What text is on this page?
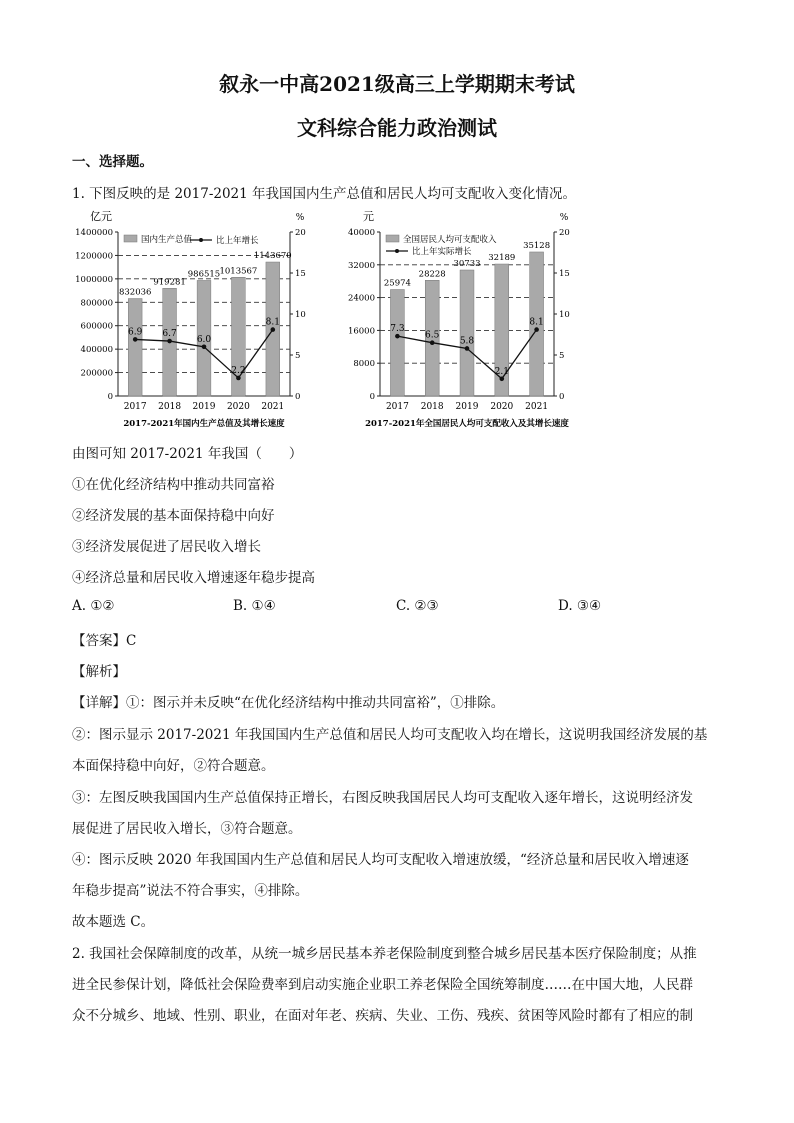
叙永一中高2021级高三上学期期末考试
文科综合能力政治测试
一、选择题。
1. 下图反映的是 2017-2021 年我国国内生产总值和居民人均可支配收入变化情况。
亿元	%
0
200000
400000
600000
800000
1000000
1200000
1400000
0
5
10
15
20
832036
919281
986515 1013567
1143670
2017 2018 2019 2020 2021
6.9 6.7
6.0
2.2
8.1
国内生产总值	比上年增长
2017-2021年国内生产总值及其增长速度
元	%
0
8000
16000
24000
32000
40000
0
5
10
15
20
25974
28228
30733
32189
35128
2017 2018 2019 2020 2021
7.3
6.5
5.8
2.1
8.1
全国居民人均可支配收入
比上年实际增长
2017-2021年全国居民人均可支配收入及其增长速度
由图可知 2017-2021 年我国（　　）
①在优化经济结构中推动共同富裕
②经济发展的基本面保持稳中向好
③经济发展促进了居民收入增长
④经济总量和居民收入增速逐年稳步提高
A. ①②	B. ①④	C. ②③	D. ③④
【答案】C
【解析】
【详解】①：图示并未反映“在优化经济结构中推动共同富裕”，①排除。
②：图示显示 2017-2021 年我国国内生产总值和居民人均可支配收入均在增长，这说明我国经济发展的基
本面保持稳中向好，②符合题意。
③：左图反映我国国内生产总值保持正增长，右图反映我国居民人均可支配收入逐年增长，这说明经济发
展促进了居民收入增长，③符合题意。
④：图示反映 2020 年我国国内生产总值和居民人均可支配收入增速放缓，“经济总量和居民收入增速逐
年稳步提高”说法不符合事实，④排除。
故本题选 C。
2. 我国社会保障制度的改革，从统一城乡居民基本养老保险制度到整合城乡居民基本医疗保险制度；从推
进全民参保计划，降低社会保险费率到启动实施企业职工养老保险全国统筹制度……在中国大地，人民群
众不分城乡、地域、性别、职业，在面对年老、疾病、失业、工伤、残疾、贫困等风险时都有了相应的制
